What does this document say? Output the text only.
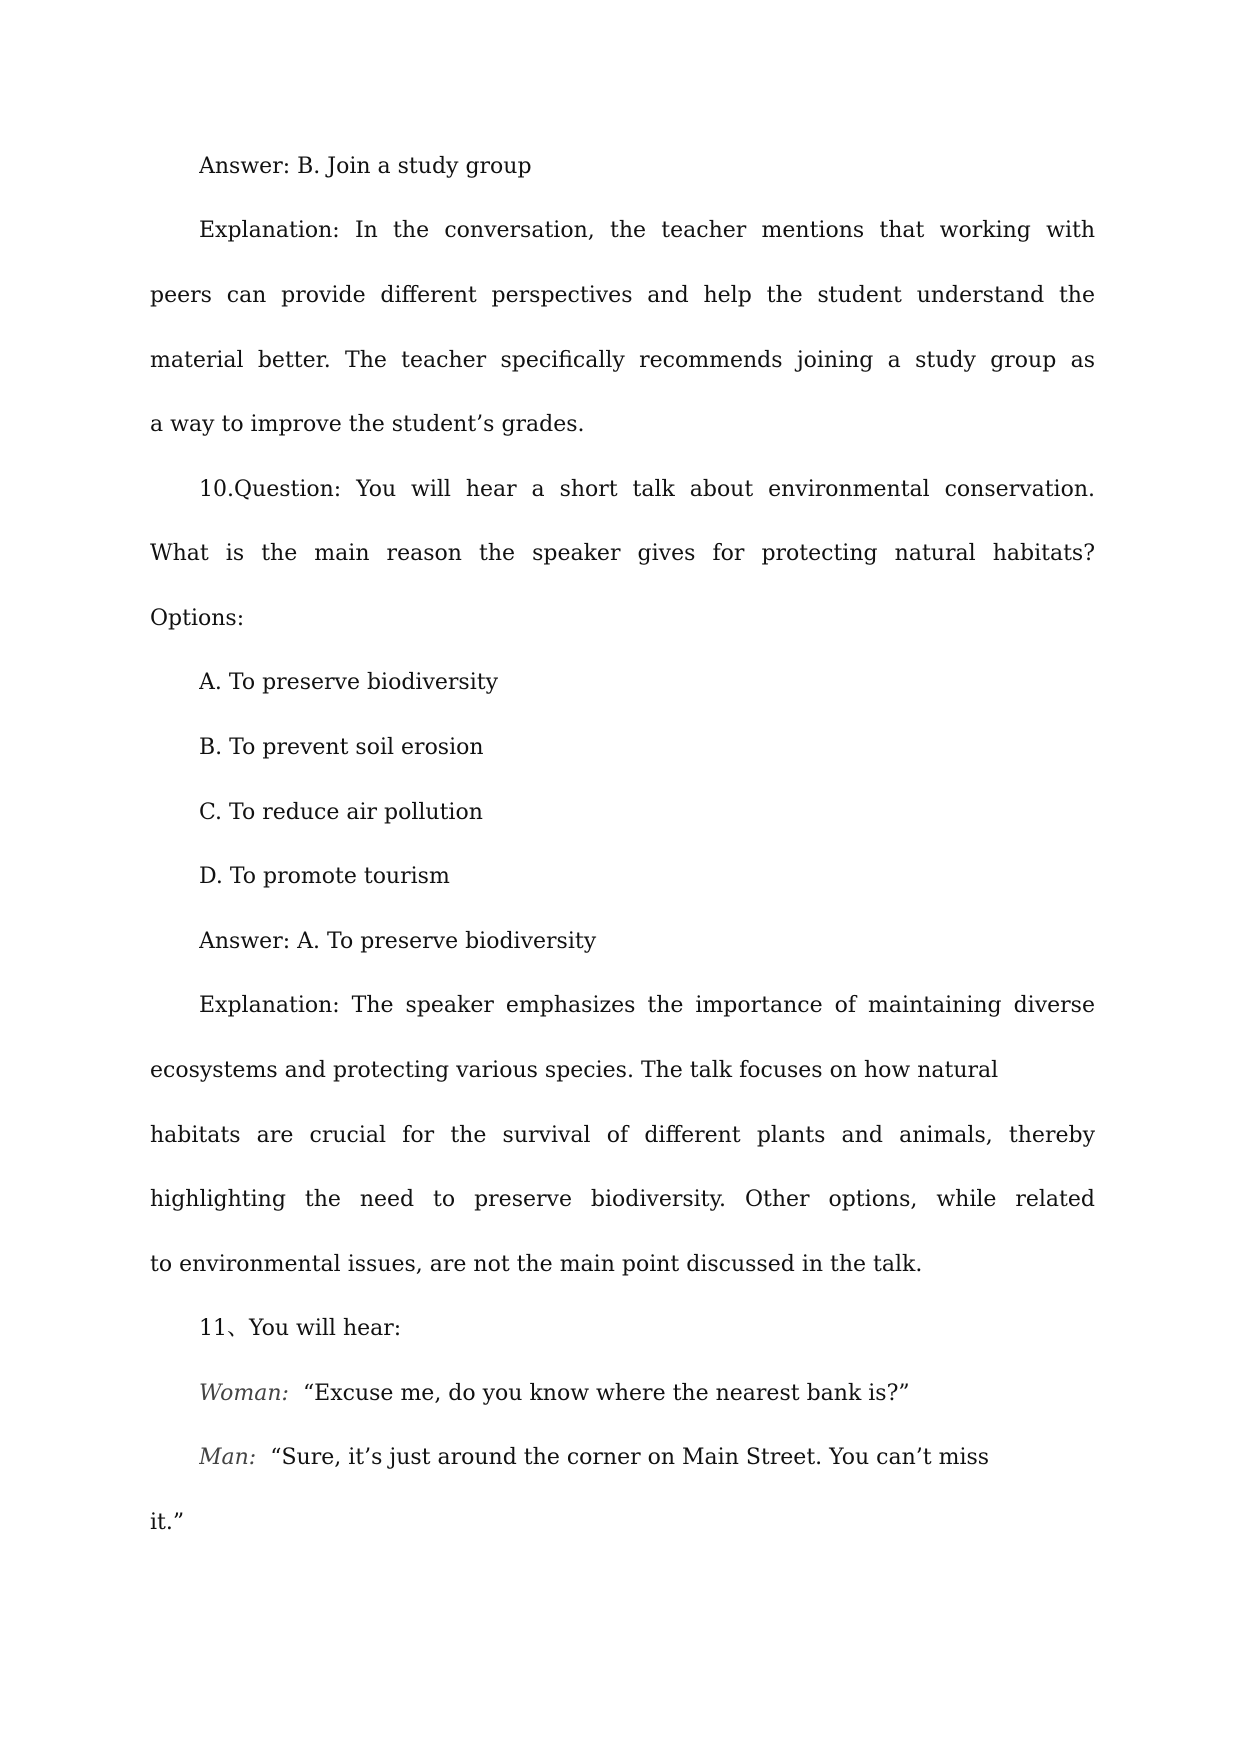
Answer: B. Join a study group
Explanation: In the conversation, the teacher mentions that working with
peers can provide different perspectives and help the student understand the
material better. The teacher specifically recommends joining a study group as
a way to improve the student’s grades.
10.Question: You will hear a short talk about environmental conservation.
What is the main reason the speaker gives for protecting natural habitats?
Options:
A. To preserve biodiversity
B. To prevent soil erosion
C. To reduce air pollution
D. To promote tourism
Answer: A. To preserve biodiversity
Explanation: The speaker emphasizes the importance of maintaining diverse
ecosystems and protecting various species. The talk focuses on how natural
habitats are crucial for the survival of different plants and animals, thereby
highlighting the need to preserve biodiversity. Other options, while related
to environmental issues, are not the main point discussed in the talk.
11、You will hear:
Woman: “Excuse me, do you know where the nearest bank is?”
Man: “Sure, it’s just around the corner on Main Street. You can’t miss
it.”
